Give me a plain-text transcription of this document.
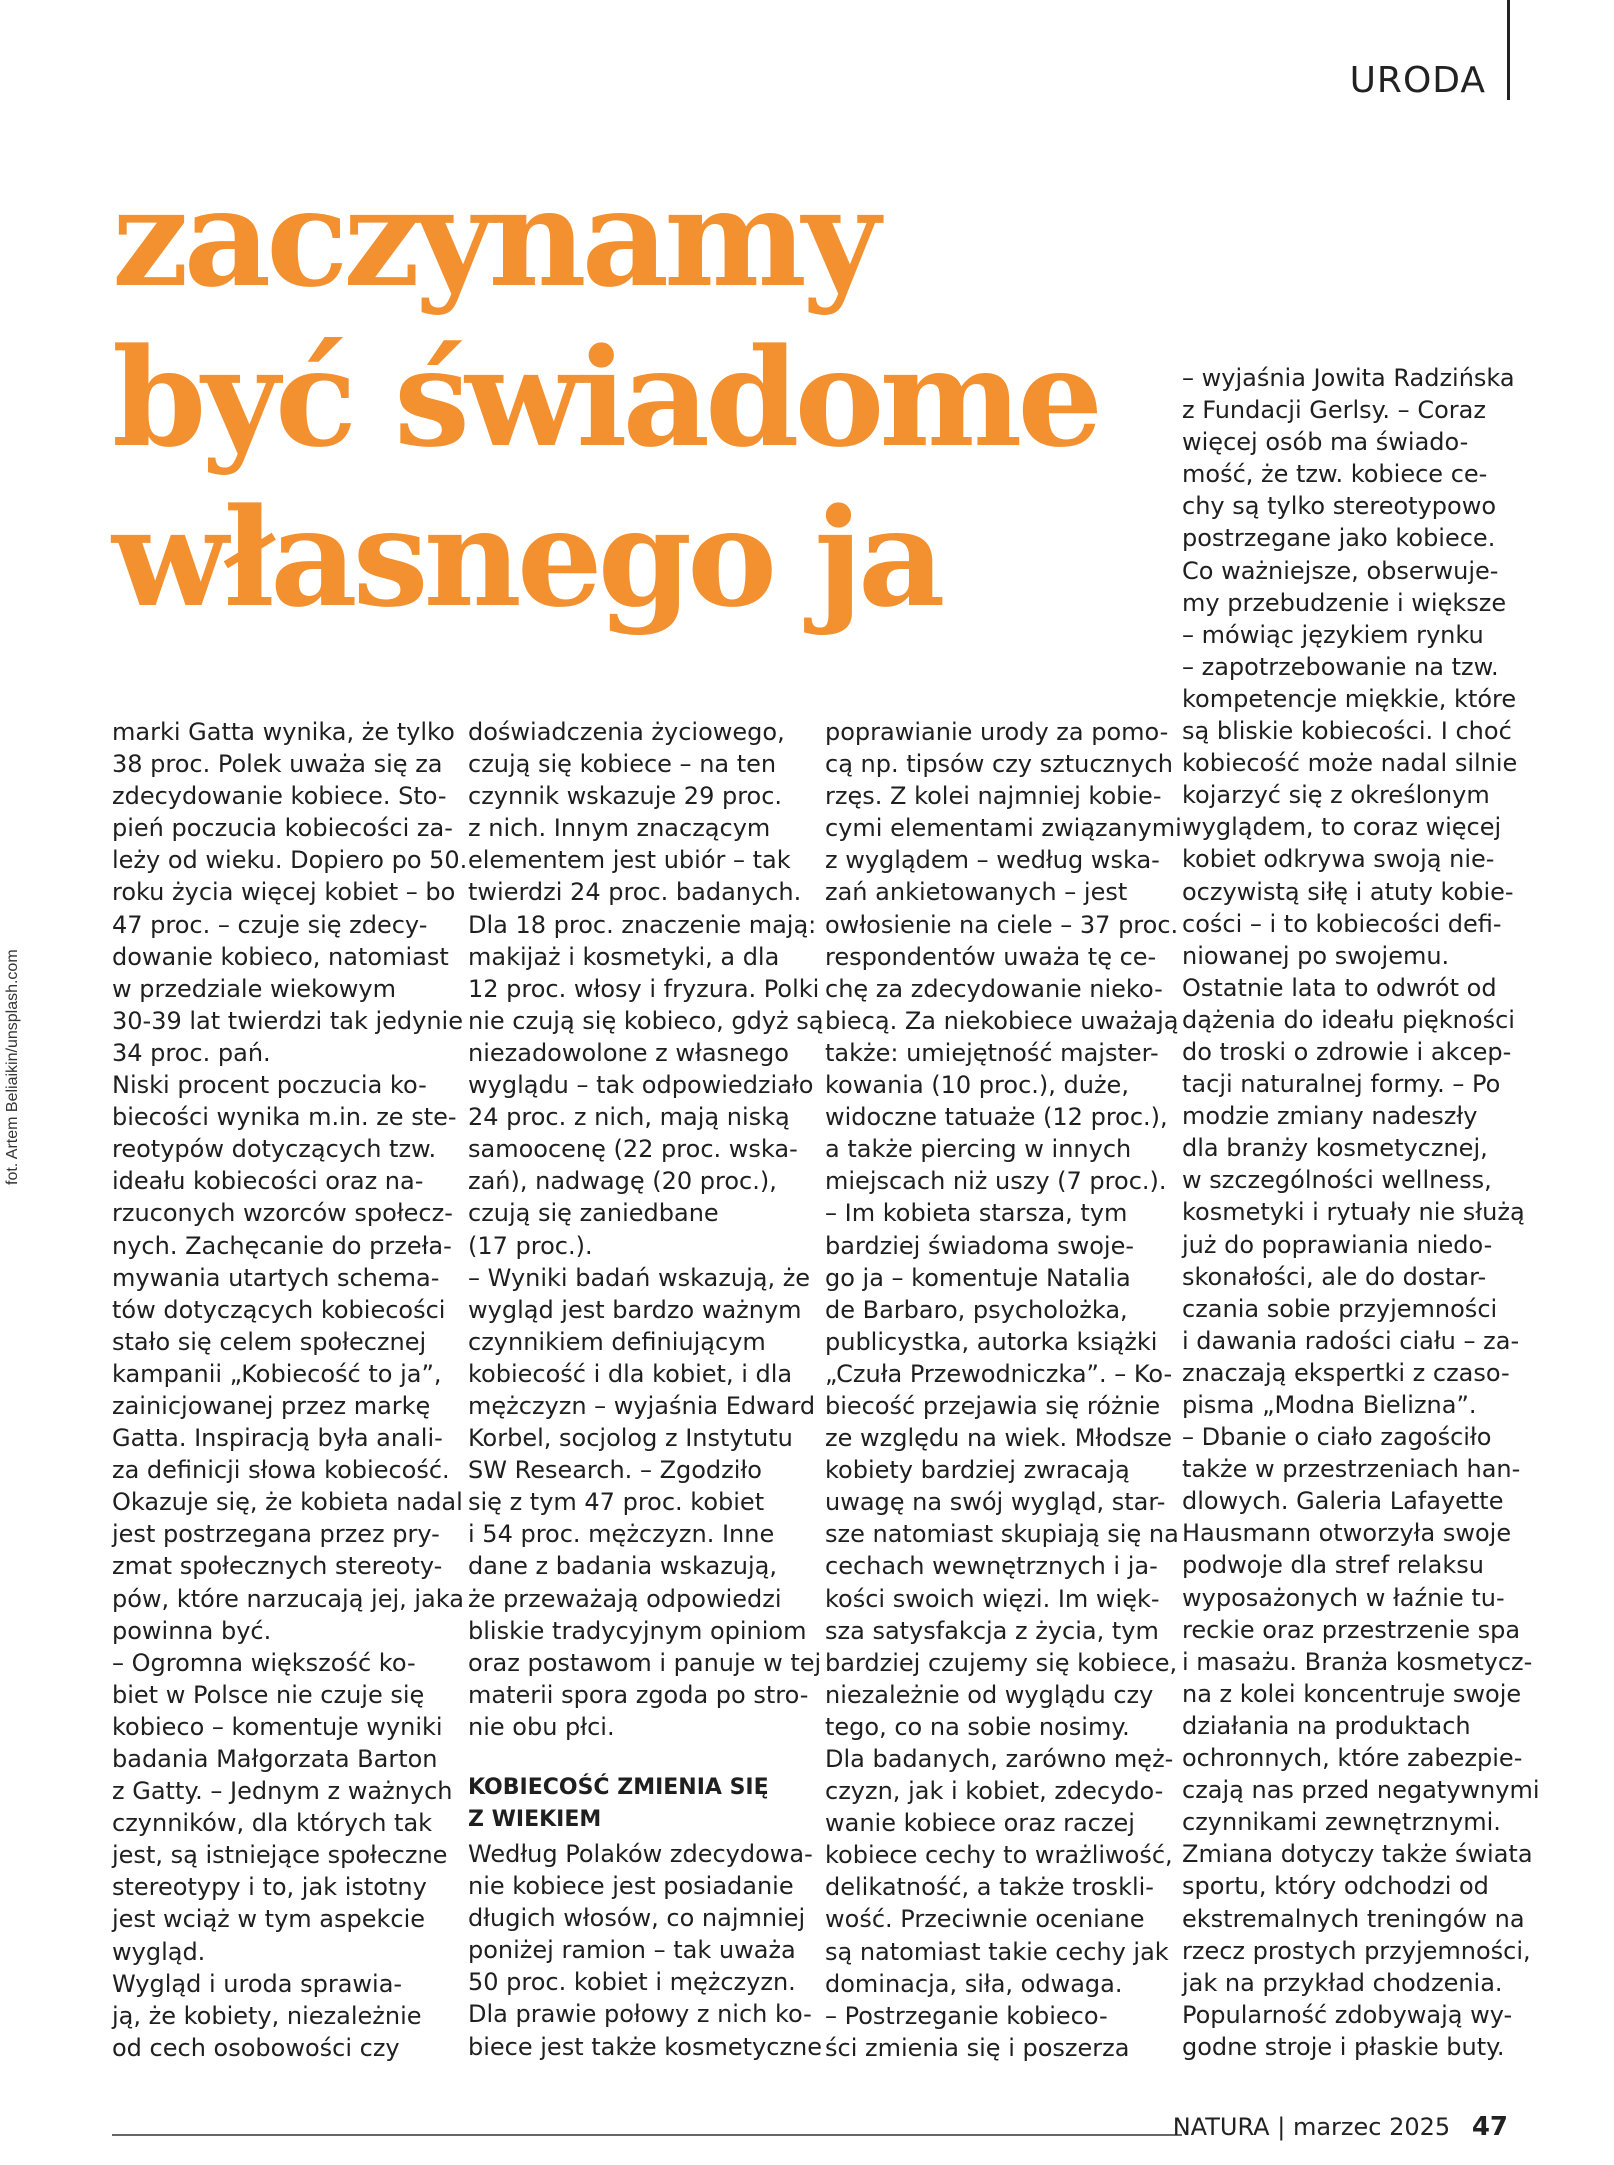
URODA
zaczynamy
być świadome
własnego ja
fot. Artem Beliaikin/unsplash.com

marki Gatta wynika, że tylko
38 proc. Polek uważa się za
zdecydowanie kobiece. Sto-
pień poczucia kobiecości za-
leży od wieku. Dopiero po 50.
roku życia więcej kobiet – bo
47 proc. – czuje się zdecy-
dowanie kobieco, natomiast
w przedziale wiekowym
30-39 lat twierdzi tak jedynie
34 proc. pań.
Niski procent poczucia ko-
biecości wynika m.in. ze ste-
reotypów dotyczących tzw.
ideału kobiecości oraz na-
rzuconych wzorców społecz-
nych. Zachęcanie do przeła-
mywania utartych schema-
tów dotyczących kobiecości
stało się celem społecznej
kampanii „Kobiecość to ja”,
zainicjowanej przez markę
Gatta. Inspiracją była anali-
za definicji słowa kobiecość.
Okazuje się, że kobieta nadal
jest postrzegana przez pry-
zmat społecznych stereoty-
pów, które narzucają jej, jaka
powinna być.
– Ogromna większość ko-
biet w Polsce nie czuje się
kobieco – komentuje wyniki
badania Małgorzata Barton
z Gatty. – Jednym z ważnych
czynników, dla których tak
jest, są istniejące społeczne
stereotypy i to, jak istotny
jest wciąż w tym aspekcie
wygląd.
Wygląd i uroda sprawia-
ją, że kobiety, niezależnie
od cech osobowości czy

doświadczenia życiowego,
czują się kobiece – na ten
czynnik wskazuje 29 proc.
z nich. Innym znaczącym
elementem jest ubiór – tak
twierdzi 24 proc. badanych.
Dla 18 proc. znaczenie mają:
makijaż i kosmetyki, a dla
12 proc. włosy i fryzura. Polki
nie czują się kobieco, gdyż są
niezadowolone z własnego
wyglądu – tak odpowiedziało
24 proc. z nich, mają niską
samoocenę (22 proc. wska-
zań), nadwagę (20 proc.),
czują się zaniedbane
(17 proc.).
– Wyniki badań wskazują, że
wygląd jest bardzo ważnym
czynnikiem definiującym
kobiecość i dla kobiet, i dla
mężczyzn – wyjaśnia Edward
Korbel, socjolog z Instytutu
SW Research. – Zgodziło
się z tym 47 proc. kobiet
i 54 proc. mężczyzn. Inne
dane z badania wskazują,
że przeważają odpowiedzi
bliskie tradycyjnym opiniom
oraz postawom i panuje w tej
materii spora zgoda po stro-
nie obu płci.

KOBIECOŚĆ ZMIENIA SIĘ
Z WIEKIEM

Według Polaków zdecydowa-
nie kobiece jest posiadanie
długich włosów, co najmniej
poniżej ramion – tak uważa
50 proc. kobiet i mężczyzn.
Dla prawie połowy z nich ko-
biece jest także kosmetyczne

poprawianie urody za pomo-
cą np. tipsów czy sztucznych
rzęs. Z kolei najmniej kobie-
cymi elementami związanymi
z wyglądem – według wska-
zań ankietowanych – jest
owłosienie na ciele – 37 proc.
respondentów uważa tę ce-
chę za zdecydowanie nieko-
biecą. Za niekobiece uważają
także: umiejętność majster-
kowania (10 proc.), duże,
widoczne tatuaże (12 proc.),
a także piercing w innych
miejscach niż uszy (7 proc.).
– Im kobieta starsza, tym
bardziej świadoma swoje-
go ja – komentuje Natalia
de Barbaro, psycholożka,
publicystka, autorka książki
„Czuła Przewodniczka”. – Ko-
biecość przejawia się różnie
ze względu na wiek. Młodsze
kobiety bardziej zwracają
uwagę na swój wygląd, star-
sze natomiast skupiają się na
cechach wewnętrznych i ja-
kości swoich więzi. Im więk-
sza satysfakcja z życia, tym
bardziej czujemy się kobiece,
niezależnie od wyglądu czy
tego, co na sobie nosimy.
Dla badanych, zarówno męż-
czyzn, jak i kobiet, zdecydo-
wanie kobiece oraz raczej
kobiece cechy to wrażliwość,
delikatność, a także troskli-
wość. Przeciwnie oceniane
są natomiast takie cechy jak
dominacja, siła, odwaga.
– Postrzeganie kobieco-
ści zmienia się i poszerza

– wyjaśnia Jowita Radzińska
z Fundacji Gerlsy. – Coraz
więcej osób ma świado-
mość, że tzw. kobiece ce-
chy są tylko stereotypowo
postrzegane jako kobiece.
Co ważniejsze, obserwuje-
my przebudzenie i większe
– mówiąc językiem rynku
– zapotrzebowanie na tzw.
kompetencje miękkie, które
są bliskie kobiecości. I choć
kobiecość może nadal silnie
kojarzyć się z określonym
wyglądem, to coraz więcej
kobiet odkrywa swoją nie-
oczywistą siłę i atuty kobie-
cości – i to kobiecości defi-
niowanej po swojemu.
Ostatnie lata to odwrót od
dążenia do ideału piękności
do troski o zdrowie i akcep-
tacji naturalnej formy. – Po
modzie zmiany nadeszły
dla branży kosmetycznej,
w szczególności wellness,
kosmetyki i rytuały nie służą
już do poprawiania niedo-
skonałości, ale do dostar-
czania sobie przyjemności
i dawania radości ciału – za-
znaczają ekspertki z czaso-
pisma „Modna Bielizna”.
– Dbanie o ciało zagościło
także w przestrzeniach han-
dlowych. Galeria Lafayette
Hausmann otworzyła swoje
podwoje dla stref relaksu
wyposażonych w łaźnie tu-
reckie oraz przestrzenie spa
i masażu. Branża kosmetycz-
na z kolei koncentruje swoje
działania na produktach
ochronnych, które zabezpie-
czają nas przed negatywnymi
czynnikami zewnętrznymi.
Zmiana dotyczy także świata
sportu, który odchodzi od
ekstremalnych treningów na
rzecz prostych przyjemności,
jak na przykład chodzenia.
Popularność zdobywają wy-
godne stroje i płaskie buty.

NATURA | marzec 2025 47
